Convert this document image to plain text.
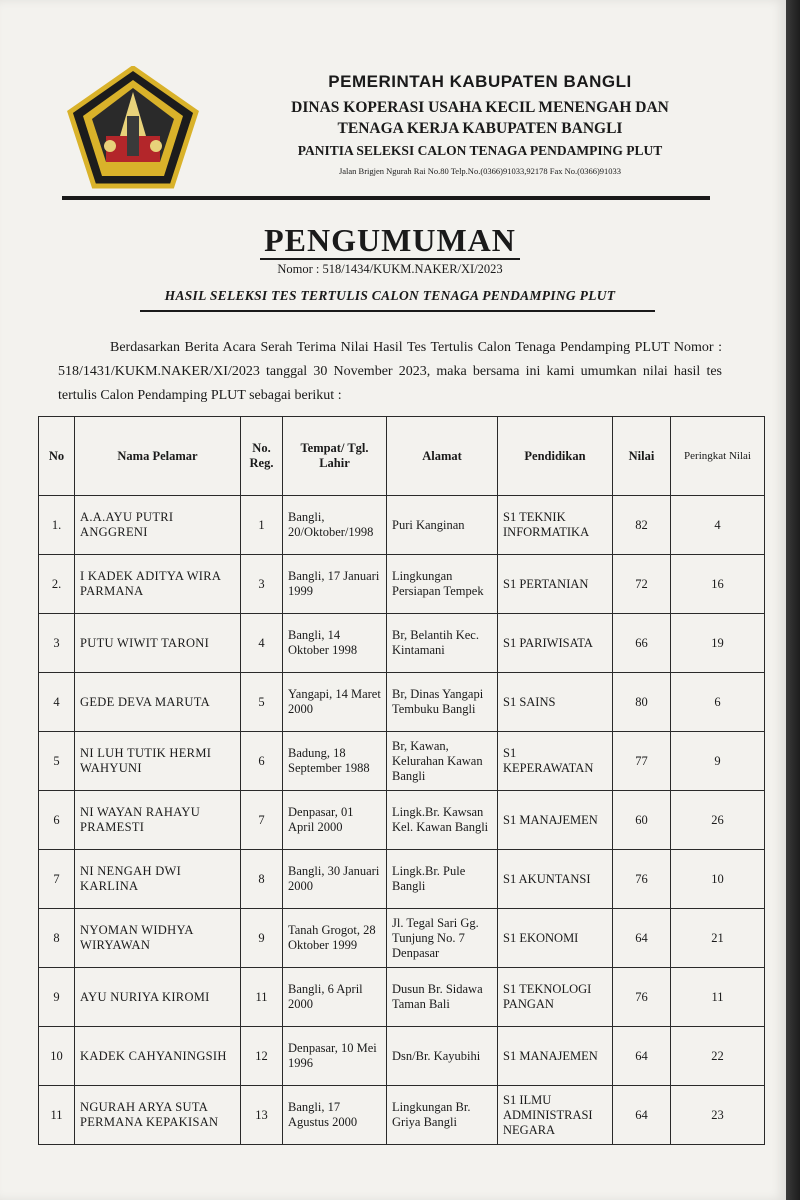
PEMERINTAH KABUPATEN BANGLI
DINAS KOPERASI USAHA KECIL MENENGAH DAN
TENAGA KERJA KABUPATEN BANGLI
PANITIA SELEKSI CALON TENAGA PENDAMPING PLUT
Jalan Brigjen Ngurah Rai No.80 Telp.No.(0366)91033,92178 Fax No.(0366)91033
PENGUMUMAN
Nomor : 518/1434/KUKM.NAKER/XI/2023
HASIL SELEKSI TES TERTULIS CALON TENAGA PENDAMPING PLUT
Berdasarkan Berita Acara Serah Terima Nilai Hasil Tes Tertulis Calon Tenaga Pendamping PLUT Nomor : 518/1431/KUKM.NAKER/XI/2023 tanggal 30 November 2023, maka bersama ini kami umumkan nilai hasil tes tertulis Calon Pendamping PLUT sebagai berikut :
No	Nama Pelamar	No. Reg.	Tempat/ Tgl. Lahir	Alamat	Pendidikan	Nilai	Peringkat Nilai
1.	A.A.AYU PUTRI ANGGRENI	1	Bangli, 20/Oktober/1998	Puri Kanginan	S1 TEKNIK INFORMATIKA	82	4
2.	I KADEK ADITYA WIRA PARMANA	3	Bangli, 17 Januari 1999	Lingkungan Persiapan Tempek	S1 PERTANIAN	72	16
3	PUTU WIWIT TARONI	4	Bangli, 14 Oktober 1998	Br, Belantih Kec. Kintamani	S1 PARIWISATA	66	19
4	GEDE DEVA MARUTA	5	Yangapi, 14 Maret 2000	Br, Dinas Yangapi Tembuku Bangli	S1 SAINS	80	6
5	NI LUH TUTIK HERMI WAHYUNI	6	Badung, 18 September 1988	Br, Kawan, Kelurahan Kawan Bangli	S1 KEPERAWATAN	77	9
6	NI WAYAN RAHAYU PRAMESTI	7	Denpasar, 01 April 2000	Lingk.Br. Kawsan Kel. Kawan Bangli	S1 MANAJEMEN	60	26
7	NI NENGAH DWI KARLINA	8	Bangli, 30 Januari 2000	Lingk.Br. Pule Bangli	S1 AKUNTANSI	76	10
8	NYOMAN WIDHYA WIRYAWAN	9	Tanah Grogot, 28 Oktober 1999	Jl. Tegal Sari Gg. Tunjung No. 7 Denpasar	S1 EKONOMI	64	21
9	AYU NURIYA KIROMI	11	Bangli, 6 April 2000	Dusun Br. Sidawa Taman Bali	S1 TEKNOLOGI PANGAN	76	11
10	KADEK CAHYANINGSIH	12	Denpasar, 10 Mei 1996	Dsn/Br. Kayubihi	S1 MANAJEMEN	64	22
11	NGURAH ARYA SUTA PERMANA KEPAKISAN	13	Bangli, 17 Agustus 2000	Lingkungan Br. Griya Bangli	S1 ILMU ADMINISTRASI NEGARA	64	23
